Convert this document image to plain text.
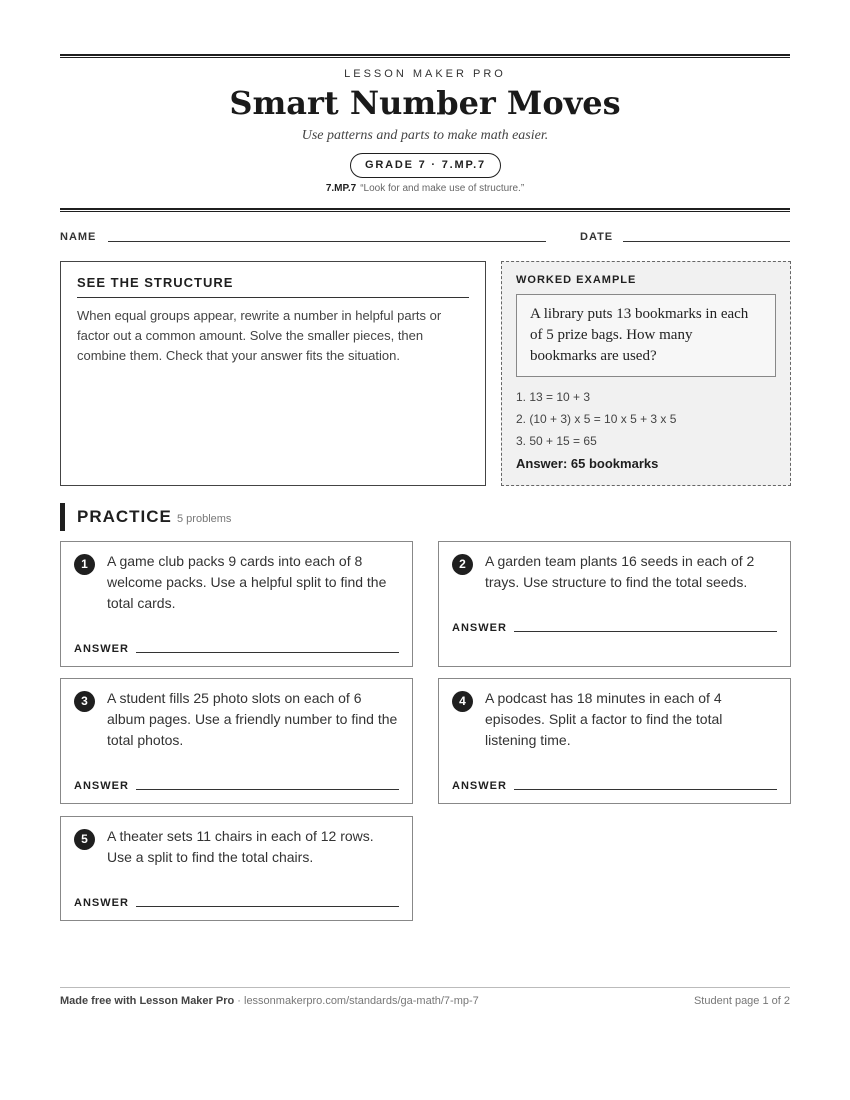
LESSON MAKER PRO
Smart Number Moves
Use patterns and parts to make math easier.
GRADE 7 · 7.MP.7
7.MP.7 “Look for and make use of structure.”
NAME	DATE
SEE THE STRUCTURE
When equal groups appear, rewrite a number in helpful parts or factor out a common amount. Solve the smaller pieces, then combine them. Check that your answer fits the situation.
WORKED EXAMPLE
A library puts 13 bookmarks in each of 5 prize bags. How many bookmarks are used?
1. 13 = 10 + 3
2. (10 + 3) x 5 = 10 x 5 + 3 x 5
3. 50 + 15 = 65
Answer: 65 bookmarks
PRACTICE 5 problems
1	A game club packs 9 cards into each of 8 welcome packs. Use a helpful split to find the total cards.
ANSWER
2	A garden team plants 16 seeds in each of 2 trays. Use structure to find the total seeds.
ANSWER
3	A student fills 25 photo slots on each of 6 album pages. Use a friendly number to find the total photos.
ANSWER
4	A podcast has 18 minutes in each of 4 episodes. Split a factor to find the total listening time.
ANSWER
5	A theater sets 11 chairs in each of 12 rows. Use a split to find the total chairs.
ANSWER
Made free with Lesson Maker Pro · lessonmakerpro.com/standards/ga-math/7-mp-7	Student page 1 of 2
